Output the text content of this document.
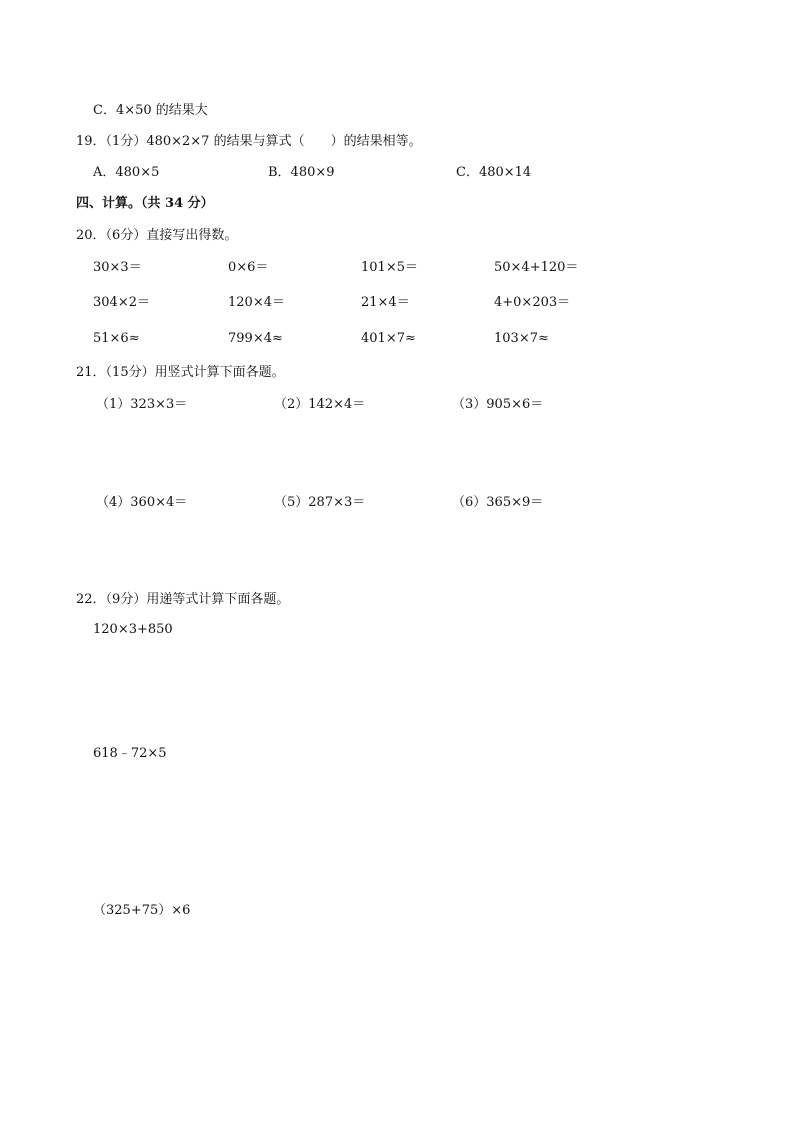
C．4×50 的结果大
19．（1分）480×2×7 的结果与算式（　　）的结果相等。
A．480×5	B．480×9	C．480×14
四、计算。（共 34 分）
20．（6分）直接写出得数。
30×3＝	0×6＝	101×5＝	50×4+120＝
304×2＝	120×4＝	21×4＝	4+0×203＝
51×6≈	799×4≈	401×7≈	103×7≈
21．（15分）用竖式计算下面各题。
（1）323×3＝	（2）142×4＝	（3）905×6＝
（4）360×4＝	（5）287×3＝	（6）365×9＝
22．（9分）用递等式计算下面各题。
120×3+850
618﹣72×5
（325+75）×6
